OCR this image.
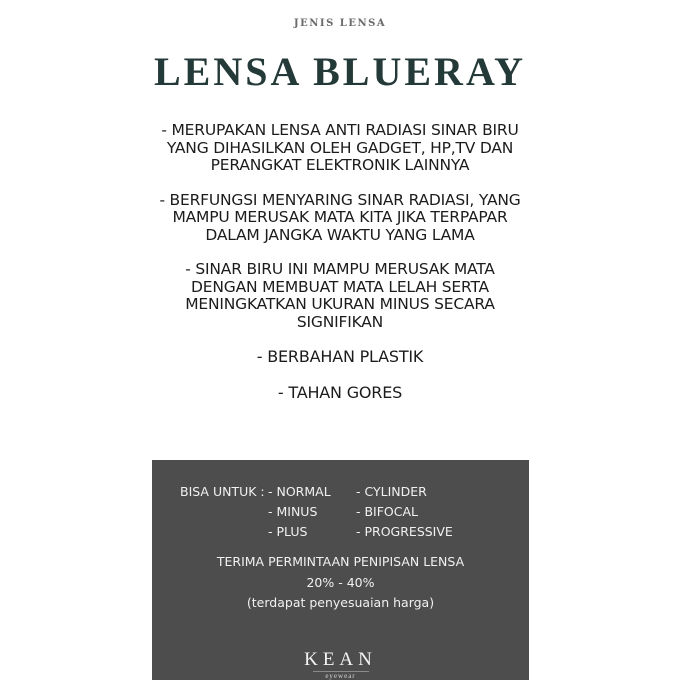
JENIS LENSA
LENSA BLUERAY
- MERUPAKAN LENSA ANTI RADIASI SINAR BIRU YANG DIHASILKAN OLEH GADGET, HP,TV DAN PERANGKAT ELEKTRONIK LAINNYA
- BERFUNGSI MENYARING SINAR RADIASI, YANG MAMPU MERUSAK MATA KITA JIKA TERPAPAR DALAM JANGKA WAKTU YANG LAMA
- SINAR BIRU INI MAMPU MERUSAK MATA DENGAN MEMBUAT MATA LELAH SERTA MENINGKATKAN UKURAN MINUS SECARA SIGNIFIKAN
- BERBAHAN PLASTIK
- TAHAN GORES
BISA UNTUK : - NORMAL
- MINUS
- PLUS
- CYLINDER
- BIFOCAL
- PROGRESSIVE
TERIMA PERMINTAAN PENIPISAN LENSA
20% - 40%
(terdapat penyesuaian harga)
KEAN
eyewear
